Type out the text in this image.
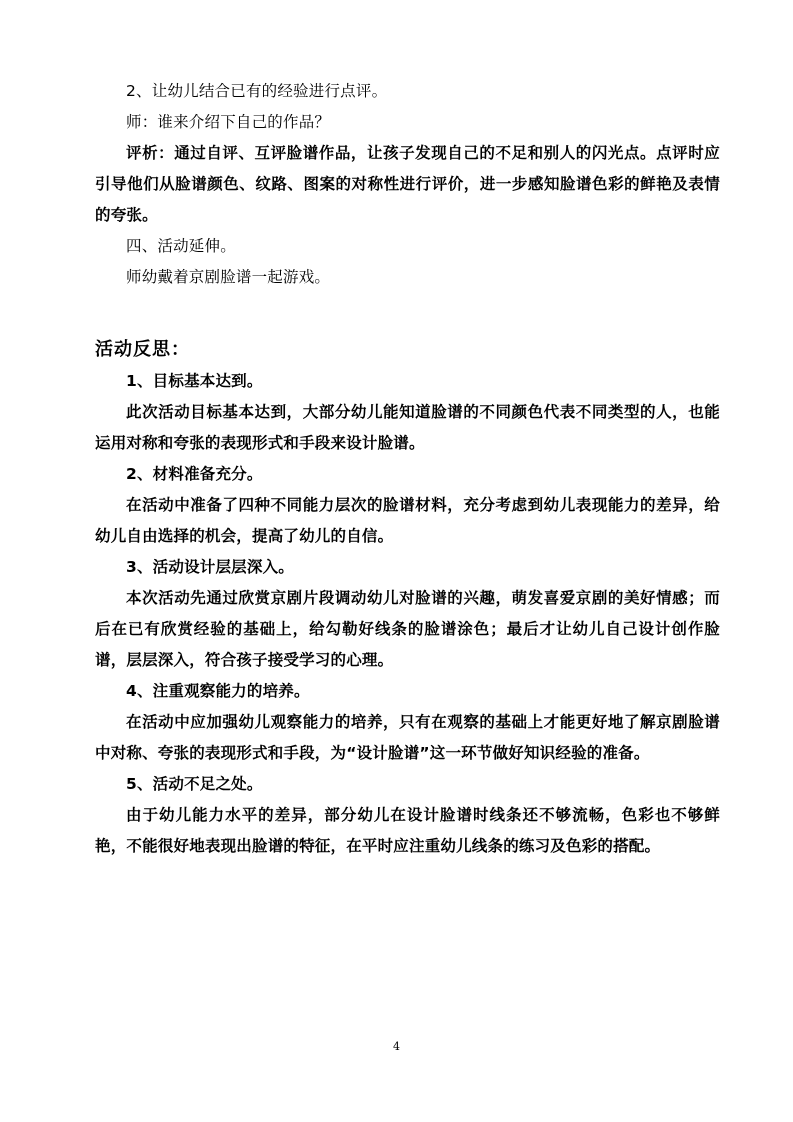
2、让幼儿结合已有的经验进行点评。
师：谁来介绍下自己的作品？
评析：通过自评、互评脸谱作品，让孩子发现自己的不足和别人的闪光点。点评时应引导他们从脸谱颜色、纹路、图案的对称性进行评价，进一步感知脸谱色彩的鲜艳及表情的夸张。
四、活动延伸。
师幼戴着京剧脸谱一起游戏。
活动反思：
1、目标基本达到。
此次活动目标基本达到，大部分幼儿能知道脸谱的不同颜色代表不同类型的人，也能运用对称和夸张的表现形式和手段来设计脸谱。
2、材料准备充分。
在活动中准备了四种不同能力层次的脸谱材料，充分考虑到幼儿表现能力的差异，给幼儿自由选择的机会，提高了幼儿的自信。
3、活动设计层层深入。
本次活动先通过欣赏京剧片段调动幼儿对脸谱的兴趣，萌发喜爱京剧的美好情感；而后在已有欣赏经验的基础上，给勾勒好线条的脸谱涂色；最后才让幼儿自己设计创作脸谱，层层深入，符合孩子接受学习的心理。
4、注重观察能力的培养。
在活动中应加强幼儿观察能力的培养，只有在观察的基础上才能更好地了解京剧脸谱中对称、夸张的表现形式和手段，为“设计脸谱”这一环节做好知识经验的准备。
5、活动不足之处。
由于幼儿能力水平的差异，部分幼儿在设计脸谱时线条还不够流畅，色彩也不够鲜艳，不能很好地表现出脸谱的特征，在平时应注重幼儿线条的练习及色彩的搭配。
4
